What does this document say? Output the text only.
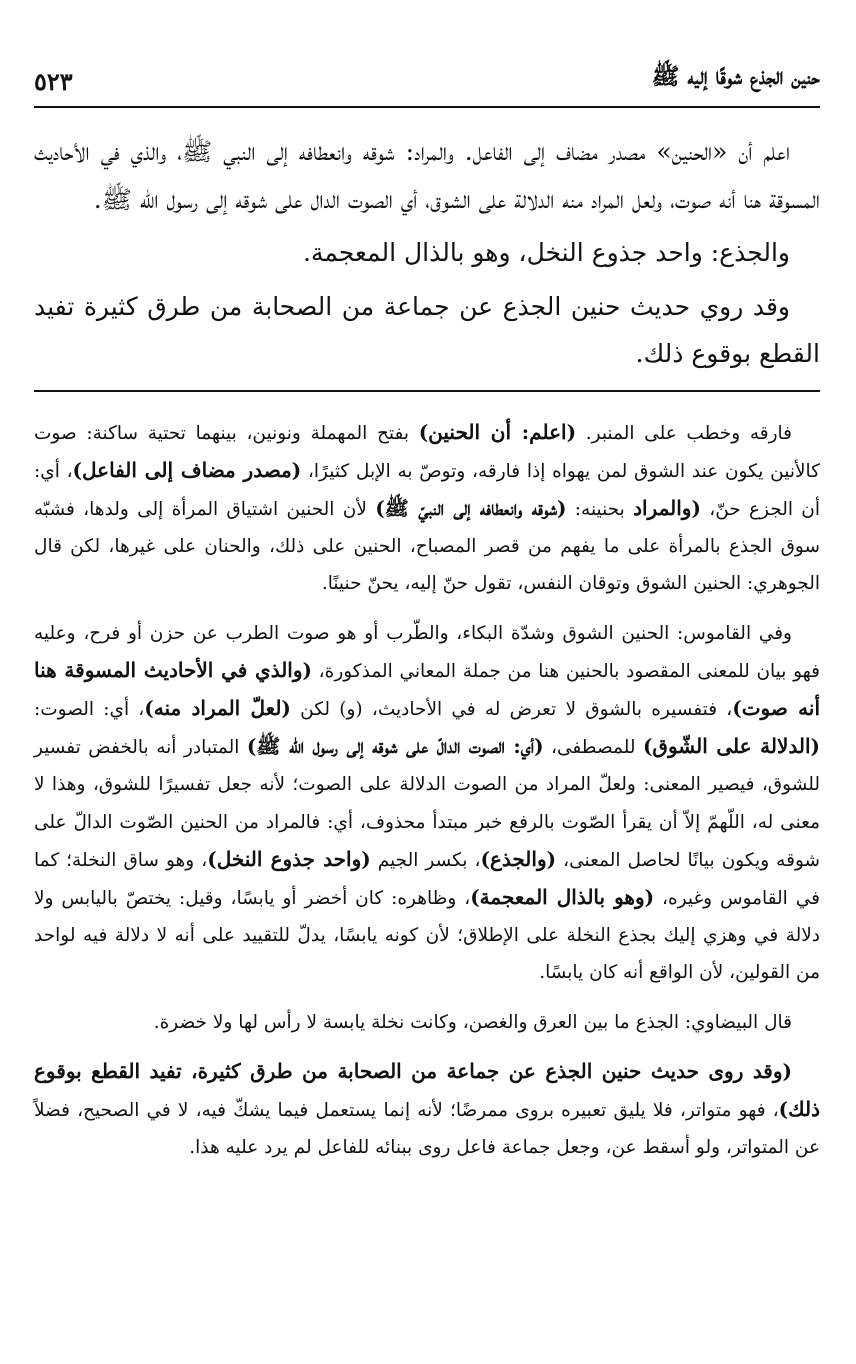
حنين الجذع شوقًا إليه ﷺ
٥٢٣

اعلم أن «الحنين» مصدر مضاف إلى الفاعل. والمراد: شوقه وانعطافه إلى النبي ﷺ، والذي في الأحاديث المسوقة هنا أنه صوت، ولعل المراد منه الدلالة على الشوق، أي الصوت الدال على شوقه إلى رسول الله ﷺ.

والجذع: واحد جذوع النخل، وهو بالذال المعجمة.

وقد روي حديث حنين الجذع عن جماعة من الصحابة من طرق كثيرة تفيد القطع بوقوع ذلك.

فارقه وخطب على المنبر. (اعلم: أن الحنين) بفتح المهملة ونونين، بينهما تحتية ساكنة: صوت كالأنين يكون عند الشوق لمن يهواه إذا فارقه، وتوصّ به الإبل كثيرًا، (مصدر مضاف إلى الفاعل)، أي: أن الجزع حنّ، (والمراد بحنينه: (شوقه وانعطافه إلى النبيّ ﷺ) لأن الحنين اشتياق المرأة إلى ولدها، فشبّه سوق الجذع بالمرأة على ما يفهم من قصر المصباح، الحنين على ذلك، والحنان على غيرها، لكن قال الجوهري: الحنين الشوق وتوقان النفس، تقول حنّ إليه، يحنّ حنينًا.

وفي القاموس: الحنين الشوق وشدّة البكاء، والطّرب أو هو صوت الطرب عن حزن أو فرح، وعليه فهو بيان للمعنى المقصود بالحنين هنا من جملة المعاني المذكورة، (والذي في الأحاديث المسوقة هنا أنه صوت)، فتفسيره بالشوق لا تعرض له في الأحاديث، (و) لكن (لعلّ المراد منه)، أي: الصوت: (الدلالة على الشّوق) للمصطفى، (أي: الصوت الدالّ على شوقه إلى رسول الله ﷺ) المتبادر أنه بالخفض تفسير للشوق، فيصير المعنى: ولعلّ المراد من الصوت الدلالة على الصوت؛ لأنه جعل تفسيرًا للشوق، وهذا لا معنى له، اللّهمّ إلاّ أن يقرأ الصّوت بالرفع خبر مبتدأ محذوف، أي: فالمراد من الحنين الصّوت الدالّ على شوقه ويكون بيانًا لحاصل المعنى، (والجذع)، بكسر الجيم (واحد جذوع النخل)، وهو ساق النخلة؛ كما في القاموس وغيره، (وهو بالذال المعجمة)، وظاهره: كان أخضر أو يابسًا، وقيل: يختصّ باليابس ولا دلالة في وهزي إليك بجذع النخلة على الإطلاق؛ لأن كونه يابسًا، يدلّ للتقييد على أنه لا دلالة فيه لواحد من القولين، لأن الواقع أنه كان يابسًا.

قال البيضاوي: الجذع ما بين العرق والغصن، وكانت نخلة يابسة لا رأس لها ولا خضرة.

(وقد روى حديث حنين الجذع عن جماعة من الصحابة من طرق كثيرة، تفيد القطع بوقوع ذلك)، فهو متواتر، فلا يليق تعبيره بروى ممرضًا؛ لأنه إنما يستعمل فيما يشكّ فيه، لا في الصحيح، فضلاً عن المتواتر، ولو أسقط عن، وجعل جماعة فاعل روى ببنائه للفاعل لم يرد عليه هذا.
